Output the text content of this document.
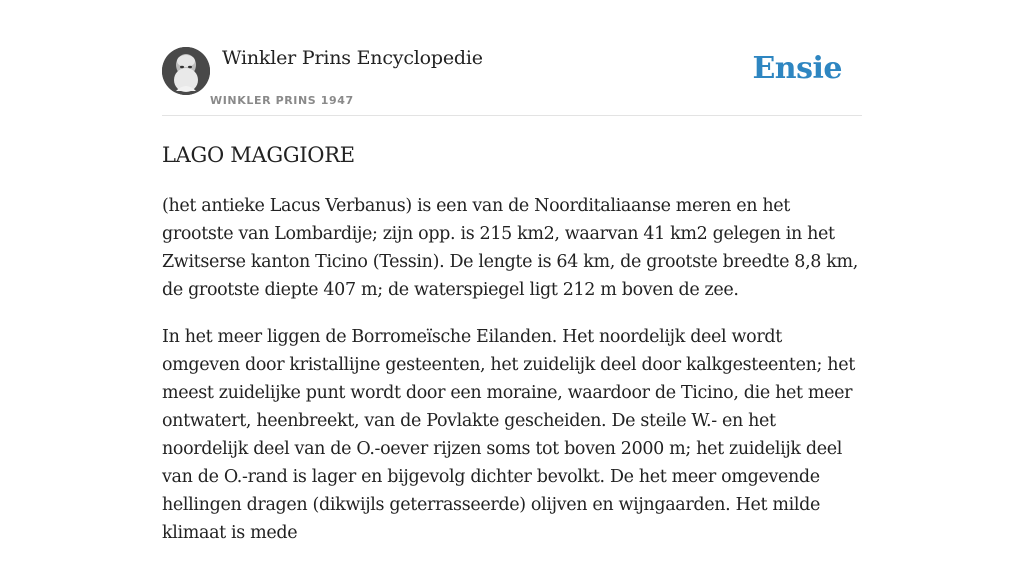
Winkler Prins Encyclopedie
WINKLER PRINS 1947
Ensie
LAGO MAGGIORE

(het antieke Lacus Verbanus) is een van de Noorditaliaanse meren en het grootste van Lombardije; zijn opp. is 215 km2, waarvan 41 km2 gelegen in het Zwitserse kanton Ticino (Tessin). De lengte is 64 km, de grootste breedte 8,8 km, de grootste diepte 407 m; de waterspiegel ligt 212 m boven de zee.

In het meer liggen de Borromeïsche Eilanden. Het noordelijk deel wordt omgeven door kristallijne gesteenten, het zuidelijk deel door kalkgesteenten; het meest zuidelijke punt wordt door een moraine, waardoor de Ticino, die het meer ontwatert, heenbreekt, van de Povlakte gescheiden. De steile W.- en het noordelijk deel van de O.-oever rijzen soms tot boven 2000 m; het zuidelijk deel van de O.-rand is lager en bijgevolg dichter bevolkt. De het meer omgevende hellingen dragen (dikwijls geterrasseerde) olijven en wijngaarden. Het milde klimaat is mede
